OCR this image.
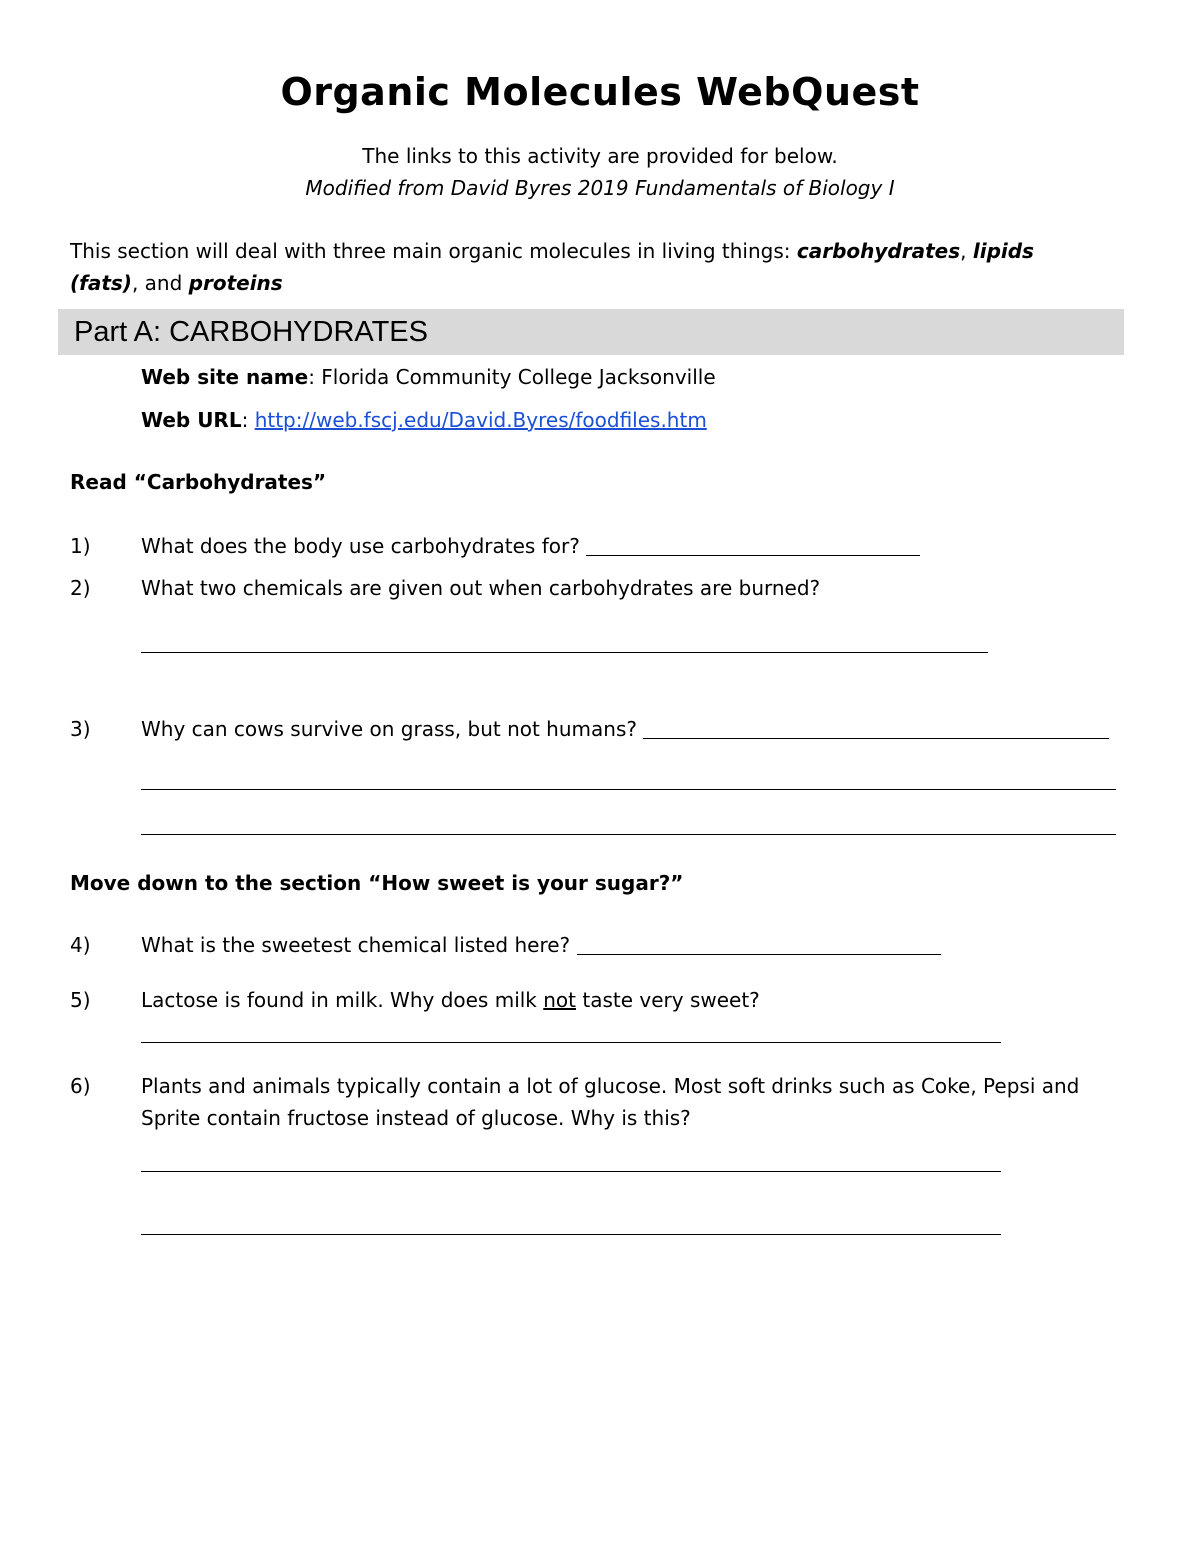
Organic Molecules WebQuest
The links to this activity are provided for below.
Modified from David Byres 2019 Fundamentals of Biology I
This section will deal with three main organic molecules in living things: carbohydrates, lipids
(fats), and proteins
Part A: CARBOHYDRATES
Web site name: Florida Community College Jacksonville
Web URL: http://web.fscj.edu/David.Byres/foodfiles.htm
Read “Carbohydrates”
1)	What does the body use carbohydrates for?
2)	What two chemicals are given out when carbohydrates are burned?
3)	Why can cows survive on grass, but not humans?
Move down to the section “How sweet is your sugar?”
4)	What is the sweetest chemical listed here?
5)	Lactose is found in milk. Why does milk not taste very sweet?
6)	Plants and animals typically contain a lot of glucose. Most soft drinks such as Coke, Pepsi and
Sprite contain fructose instead of glucose. Why is this?
